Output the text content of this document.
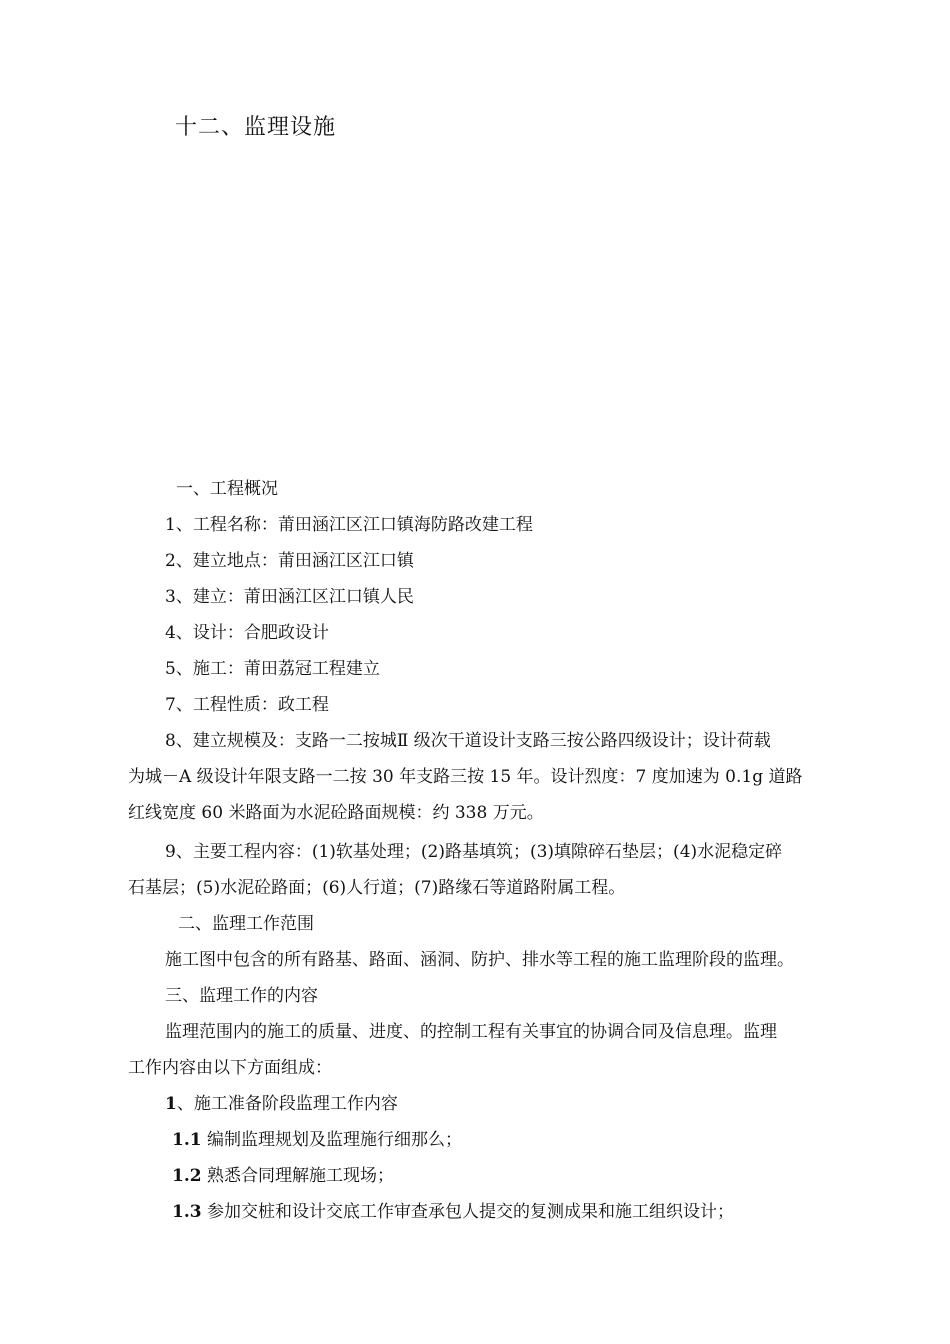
十二、监理设施
一、工程概况
1、工程名称：莆田涵江区江口镇海防路改建工程
2、建立地点：莆田涵江区江口镇
3、建立：莆田涵江区江口镇人民
4、设计：合肥政设计
5、施工：莆田荔冠工程建立
7、工程性质：政工程
8、建立规模及：支路一二按城Ⅱ 级次干道设计支路三按公路四级设计；设计荷载
为城－A 级设计年限支路一二按 30 年支路三按 15 年。设计烈度：7 度加速为 0.1g 道路
红线宽度 60 米路面为水泥砼路面规模：约 338 万元。
9、主要工程内容：(1)软基处理；(2)路基填筑；(3)填隙碎石垫层；(4)水泥稳定碎
石基层；(5)水泥砼路面；(6)人行道；(7)路缘石等道路附属工程。
二、监理工作范围
施工图中包含的所有路基、路面、涵洞、防护、排水等工程的施工监理阶段的监理。
三、监理工作的内容
监理范围内的施工的质量、进度、的控制工程有关事宜的协调合同及信息理。监理
工作内容由以下方面组成：
1、施工准备阶段监理工作内容
1.1 编制监理规划及监理施行细那么；
1.2 熟悉合同理解施工现场；
1.3 参加交桩和设计交底工作审查承包人提交的复测成果和施工组织设计；
